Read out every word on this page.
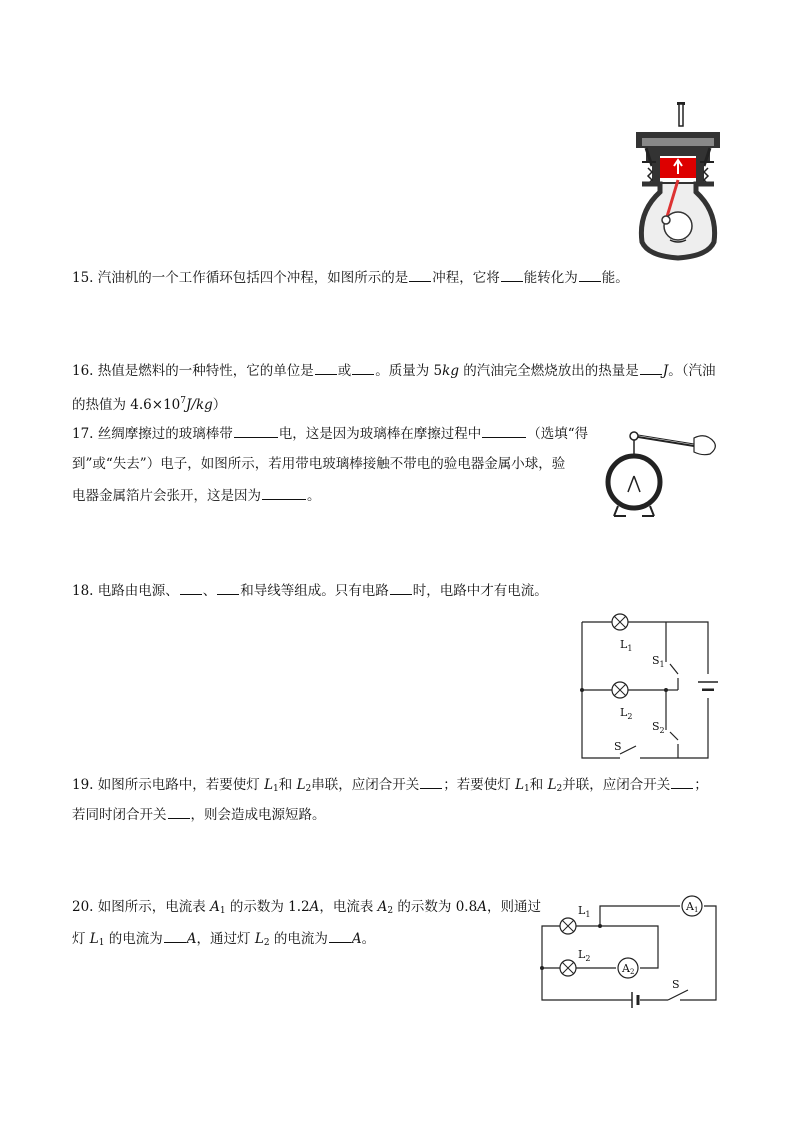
15. 汽油机的一个工作循环包括四个冲程，如图所示的是 冲程，它将 能转化为 能。
16. 热值是燃料的一种特性，它的单位是 或 。质量为 5kg 的汽油完全燃烧放出的热量是 J。（汽油
的热值为 $4.6\times 10^7J/kg$）
17. 丝绸摩擦过的玻璃棒带	电，这是因为玻璃棒在摩擦过程中	（选填“得
到”或“失去”）电子，如图所示，若用带电玻璃棒接触不带电的验电器金属小球，验
电器金属箔片会张开，这是因为	。
18. 电路由电源、 、 和导线等组成。只有电路 时，电路中才有电流。
$L_1$
$L_2$
$S_1$
$S_2$
S
19. 如图所示电路中，若要使灯 $L_1$和 $L_2$串联，应闭合开关 ；若要使灯 $L_1$和 $L_2$并联，应闭合开关 ；
若同时闭合开关 ，则会造成电源短路。
20. 如图所示，电流表 $A_1$ 的示数为 1.2A，电流表 $A_2$ 的示数为 0.8A，则通过
灯 $L_1$ 的电流为 A，通过灯 $L_2$ 的电流为 A。
A1
A2
$L_1$
$L_2$
S
